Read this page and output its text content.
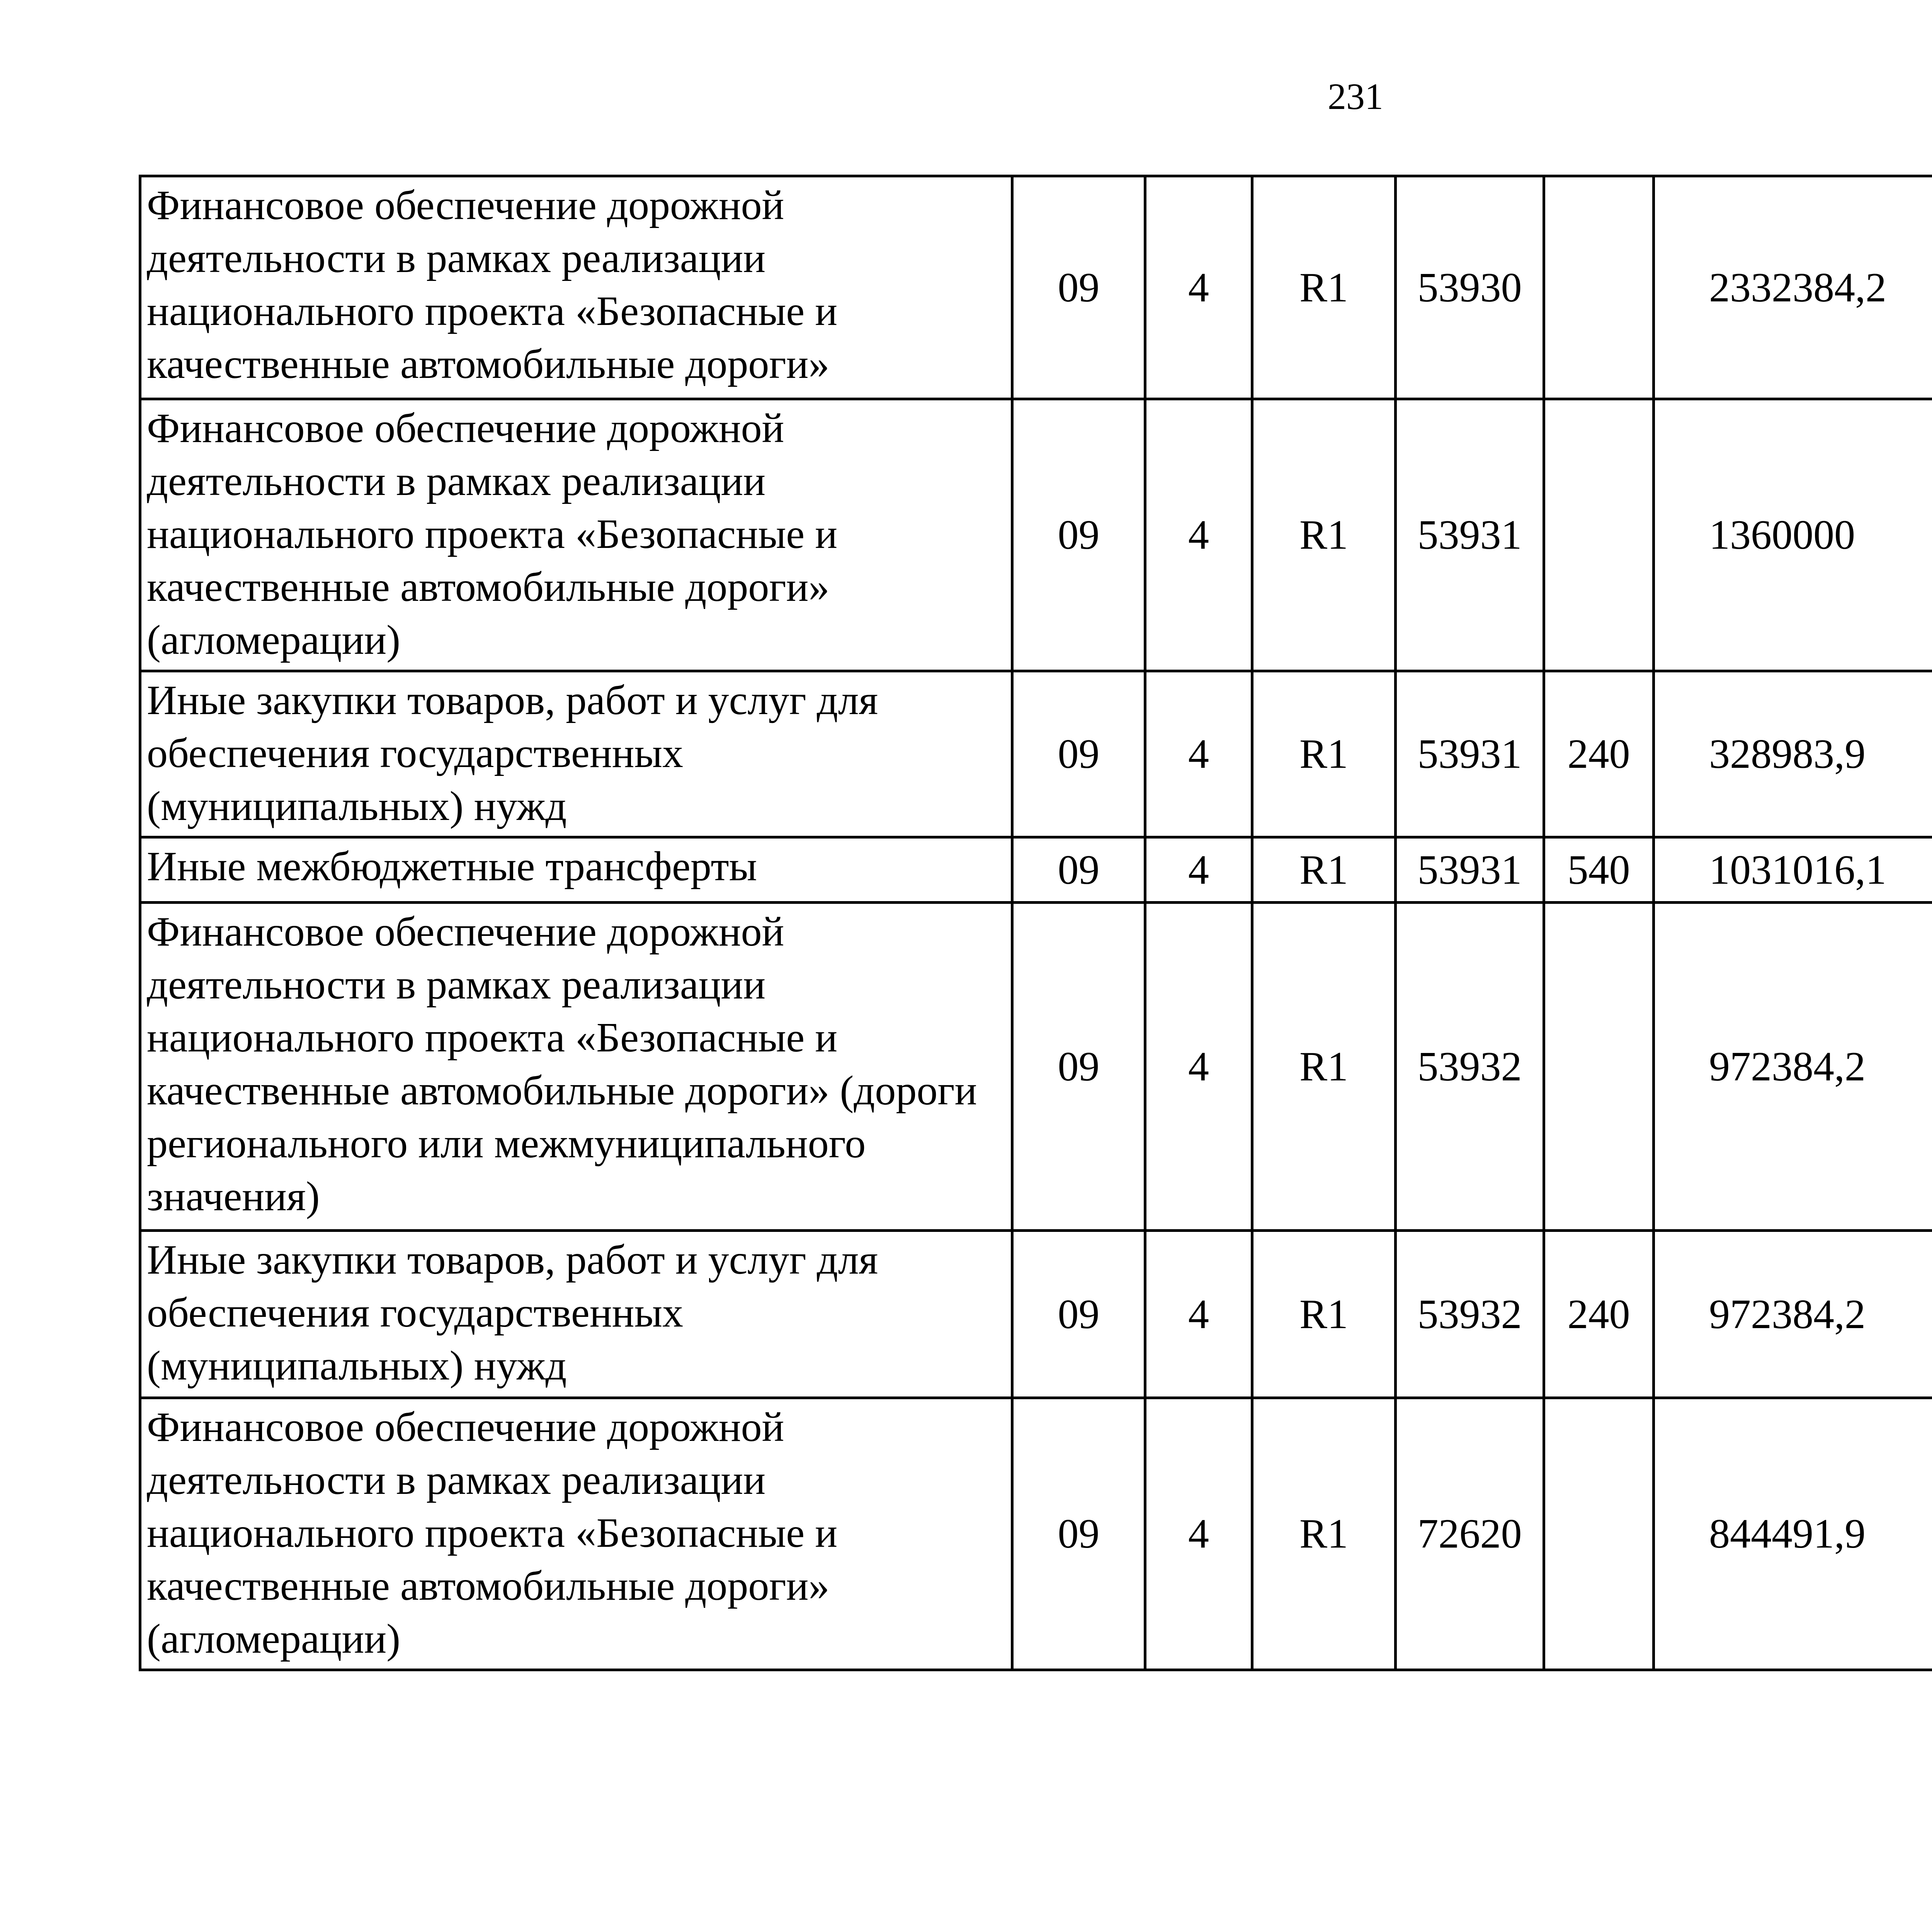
231
Финансовое обеспечение дорожной деятельности в рамках реализации национального проекта «Безопасные и качественные автомобильные дороги»	09	4	R1	53930		2332384,2		
Финансовое обеспечение дорожной деятельности в рамках реализации национального проекта «Безопасные и качественные автомобильные дороги» (агломерации)	09	4	R1	53931		1360000		
Иные закупки товаров, работ и услуг для обеспечения государственных (муниципальных) нужд	09	4	R1	53931	240	328983,9		
Иные межбюджетные трансферты	09	4	R1	53931	540	1031016,1		
Финансовое обеспечение дорожной деятельности в рамках реализации национального проекта «Безопасные и качественные автомобильные дороги» (дороги регионального или межмуниципального значения)	09	4	R1	53932		972384,2		
Иные закупки товаров, работ и услуг для обеспечения государственных (муниципальных) нужд	09	4	R1	53932	240	972384,2		
Финансовое обеспечение дорожной деятельности в рамках реализации национального проекта «Безопасные и качественные автомобильные дороги» (агломерации)	09	4	R1	72620		844491,9		
